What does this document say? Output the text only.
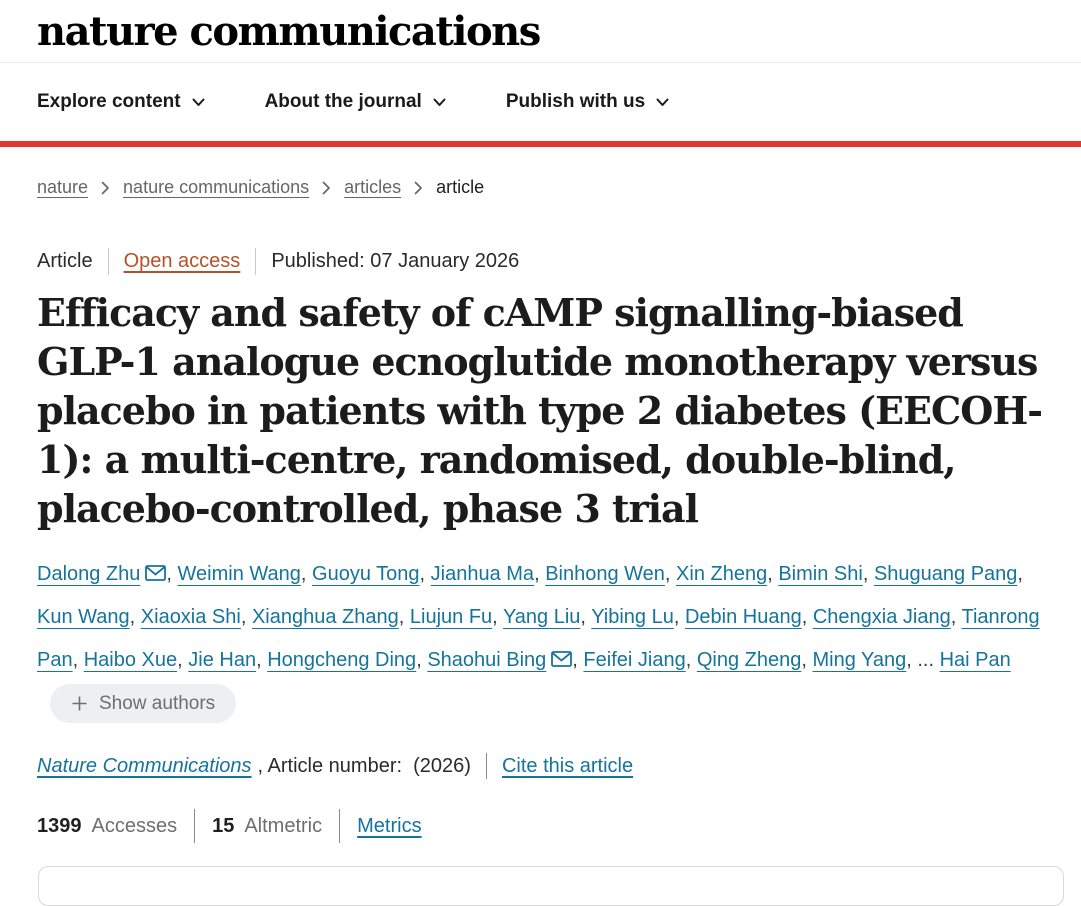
nature communications
Explore content	About the journal	Publish with us
nature nature communications articles article
Article Open access Published: 07 January 2026
Efficacy and safety of cAMP signalling-biased GLP-1 analogue ecnoglutide monotherapy versus placebo in patients with type 2 diabetes (EECOH-1): a multi-centre, randomised, double-blind, placebo-controlled, phase 3 trial

Dalong Zhu , Weimin Wang, Guoyu Tong, Jianhua Ma, Binhong Wen, Xin Zheng, Bimin Shi, Shuguang Pang, Kun Wang, Xiaoxia Shi, Xianghua Zhang, Liujun Fu, Yang Liu, Yibing Lu, Debin Huang, Chengxia Jiang, Tianrong Pan, Haibo Xue, Jie Han, Hongcheng Ding, Shaohui Bing , Feifei Jiang, Qing Zheng, Ming Yang, ... Hai Pan
Show authors

Nature Communications , Article number:  (2026) Cite this article
1399 Accesses 15 Altmetric Metrics
